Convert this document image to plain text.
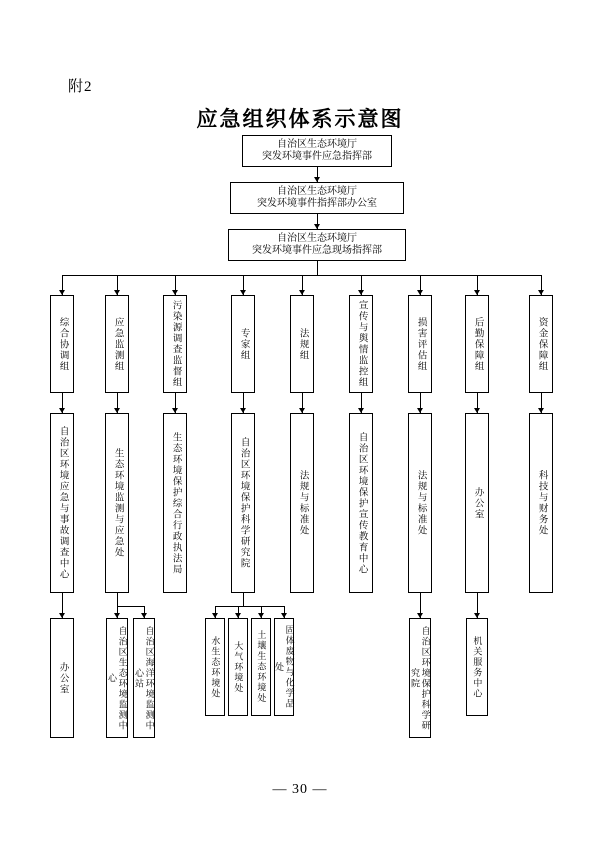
附2
应急组织体系示意图
自治区生态环境厅
突发环境事件应急指挥部
自治区生态环境厅
突发环境事件指挥部办公室
自治区生态环境厅
突发环境事件应急现场指挥部
综合协调组	应急监测组	污染源调查监督组	专家组	法规组	宣传与舆情监控组	损害评估组	后勤保障组	资金保障组
自治区环境应急与事故调查中心	生态环境监测与应急处	生态环境保护综合行政执法局	自治区环境保护科学研究院	法规与标准处	自治区环境保护宣传教育中心	法规与标准处	办公室	科技与财务处
办公室	自治区生态环境监测中心	自治区海洋环境监测中心站	水生态环境处	大气环境处	土壤生态环境处	固体废物与化学品处	自治区环境保护科学研究院	机关服务中心
— 30 —
